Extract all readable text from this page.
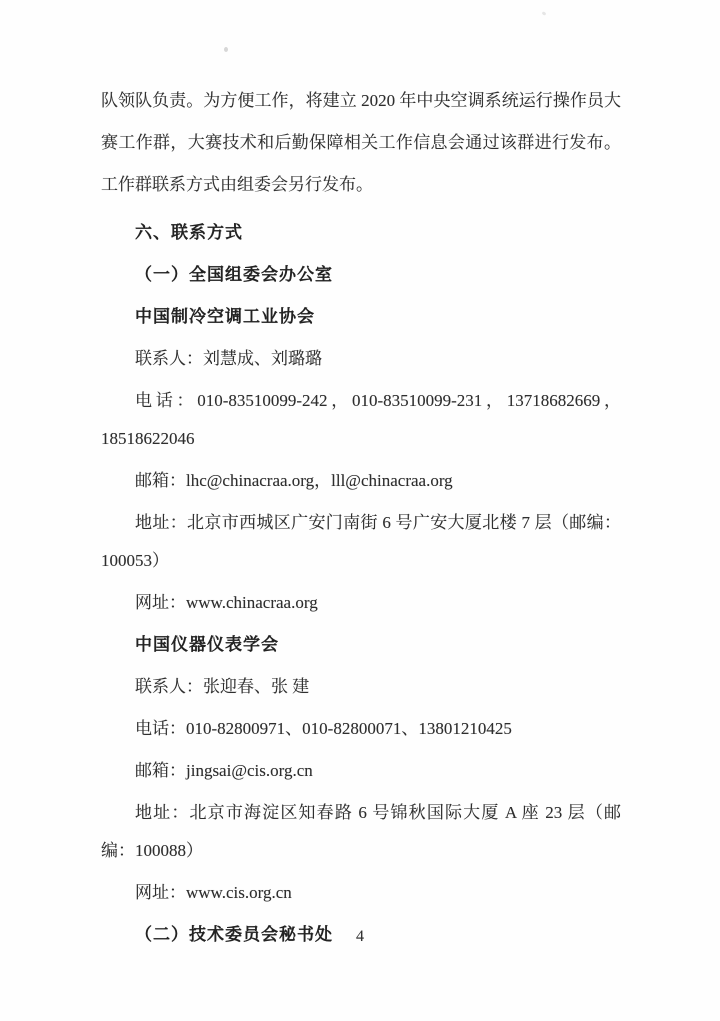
队领队负责。为方便工作，将建立 2020 年中央空调系统运行操作员大赛工作群，大赛技术和后勤保障相关工作信息会通过该群进行发布。工作群联系方式由组委会另行发布。

六、联系方式

（一）全国组委会办公室

中国制冷空调工业协会

联系人：刘慧成、刘璐璐

电话：010-83510099-242，010-83510099-231，13718682669，18518622046

邮箱：lhc@chinacraa.org，lll@chinacraa.org

地址：北京市西城区广安门南街 6 号广安大厦北楼 7 层（邮编：100053）

网址：www.chinacraa.org

中国仪器仪表学会

联系人：张迎春、张 建

电话：010-82800971、010-82800071、13801210425

邮箱：jingsai@cis.org.cn

地址：北京市海淀区知春路 6 号锦秋国际大厦 A 座 23 层（邮编：100088）

网址：www.cis.org.cn

（二）技术委员会秘书处	4
